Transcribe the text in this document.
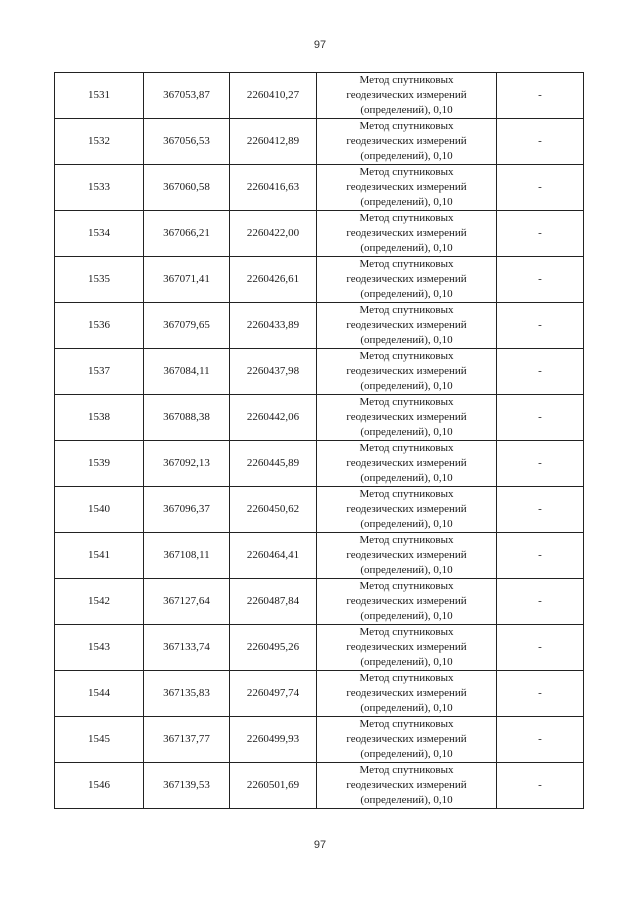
97
1531	367053,87	2260410,27	Метод спутниковых
геодезических измерений
(определений), 0,10	-
1532	367056,53	2260412,89	Метод спутниковых
геодезических измерений
(определений), 0,10	-
1533	367060,58	2260416,63	Метод спутниковых
геодезических измерений
(определений), 0,10	-
1534	367066,21	2260422,00	Метод спутниковых
геодезических измерений
(определений), 0,10	-
1535	367071,41	2260426,61	Метод спутниковых
геодезических измерений
(определений), 0,10	-
1536	367079,65	2260433,89	Метод спутниковых
геодезических измерений
(определений), 0,10	-
1537	367084,11	2260437,98	Метод спутниковых
геодезических измерений
(определений), 0,10	-
1538	367088,38	2260442,06	Метод спутниковых
геодезических измерений
(определений), 0,10	-
1539	367092,13	2260445,89	Метод спутниковых
геодезических измерений
(определений), 0,10	-
1540	367096,37	2260450,62	Метод спутниковых
геодезических измерений
(определений), 0,10	-
1541	367108,11	2260464,41	Метод спутниковых
геодезических измерений
(определений), 0,10	-
1542	367127,64	2260487,84	Метод спутниковых
геодезических измерений
(определений), 0,10	-
1543	367133,74	2260495,26	Метод спутниковых
геодезических измерений
(определений), 0,10	-
1544	367135,83	2260497,74	Метод спутниковых
геодезических измерений
(определений), 0,10	-
1545	367137,77	2260499,93	Метод спутниковых
геодезических измерений
(определений), 0,10	-
1546	367139,53	2260501,69	Метод спутниковых
геодезических измерений
(определений), 0,10	-
97
